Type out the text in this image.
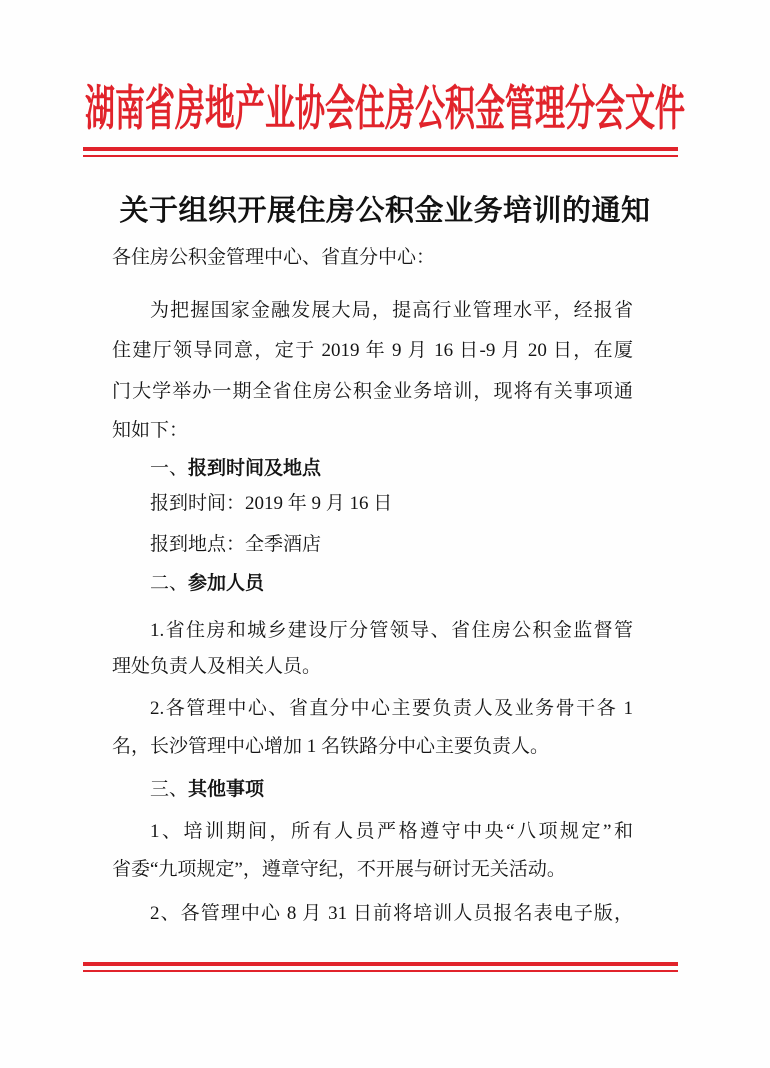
湖南省房地产业协会住房公积金管理分会文件
关于组织开展住房公积金业务培训的通知
各住房公积金管理中心、省直分中心：
为把握国家金融发展大局，提高行业管理水平，经报省
住建厅领导同意，定于 2019 年 9 月 16 日-9 月 20 日，在厦
门大学举办一期全省住房公积金业务培训，现将有关事项通
知如下：
一、报到时间及地点
报到时间：2019 年 9 月 16 日
报到地点：全季酒店
二、参加人员
1.省住房和城乡建设厅分管领导、省住房公积金监督管
理处负责人及相关人员。
2.各管理中心、省直分中心主要负责人及业务骨干各 1
名，长沙管理中心增加 1 名铁路分中心主要负责人。
三、其他事项
1、培训期间，所有人员严格遵守中央“八项规定”和
省委“九项规定”，遵章守纪，不开展与研讨无关活动。
2、各管理中心 8 月 31 日前将培训人员报名表电子版，
